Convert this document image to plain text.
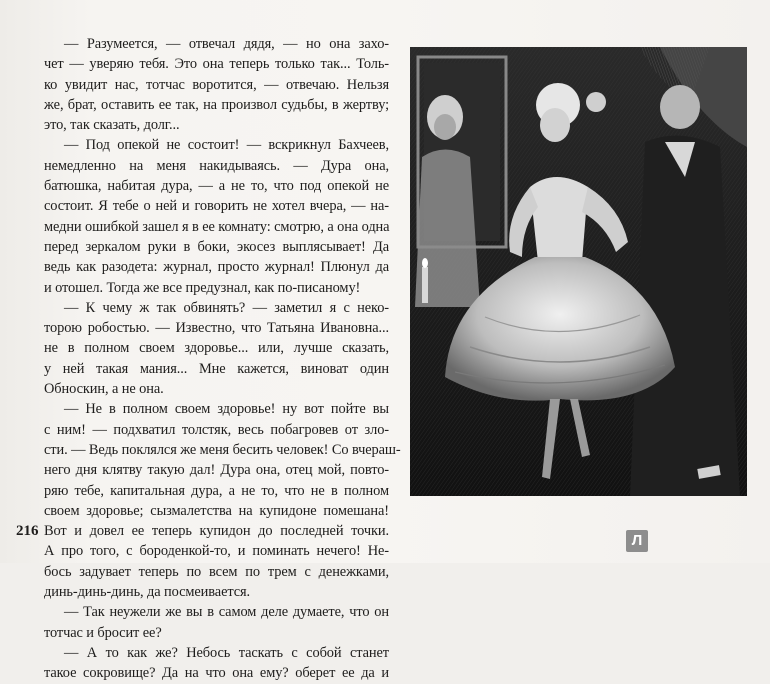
— Разумеется, — отвечал дядя, — но она захо-
чет — уверяю тебя. Это она теперь только так... Толь-
ко увидит нас, тотчас воротится, — отвечаю. Нельзя
же, брат, оставить ее так, на произвол судьбы, в жертву;
это, так сказать, долг...
— Под опекой не состоит! — вскрикнул Бахчеев,
немедленно на меня накидываясь. — Дура она,
батюшка, набитая дура, — а не то, что под опекой не
состоит. Я тебе о ней и говорить не хотел вчера, — на-
медни ошибкой зашел я в ее комнату: смотрю, а она одна
перед зеркалом руки в боки, экосез выплясывает! Да
ведь как разодета: журнал, просто журнал! Плюнул да
и отошел. Тогда же все предузнал, как по-писаному!
— К чему ж так обвинять? — заметил я с неко-
торою робостью. — Известно, что Татьяна Ивановна...
не в полном своем здоровье... или, лучше сказать,
у ней такая мания... Мне кажется, виноват один
Обноскин, а не она.
— Не в полном своем здоровье! ну вот пойте вы
с ним! — подхватил толстяк, весь побагровев от зло-
сти. — Ведь поклялся же меня бесить человек! Со вчераш-
него дня клятву такую дал! Дура она, отец мой, повто-
ряю тебе, капитальная дура, а не то, что не в полном
своем здоровье; сызмалетства на купидоне помешана!
Вот и довел ее теперь купидон до последней точки.
А про того, с бороденкой-то, и поминать нечего! Не-
бось задувает теперь по всем по трем с денежками,
динь-динь-динь, да посмеивается.
— Так неужели же вы в самом деле думаете, что он
тотчас и бросит ее?
— А то как же? Небось таскать с собой станет
такое сокровище? Да на что она ему? оберет ее да и
216
Л
